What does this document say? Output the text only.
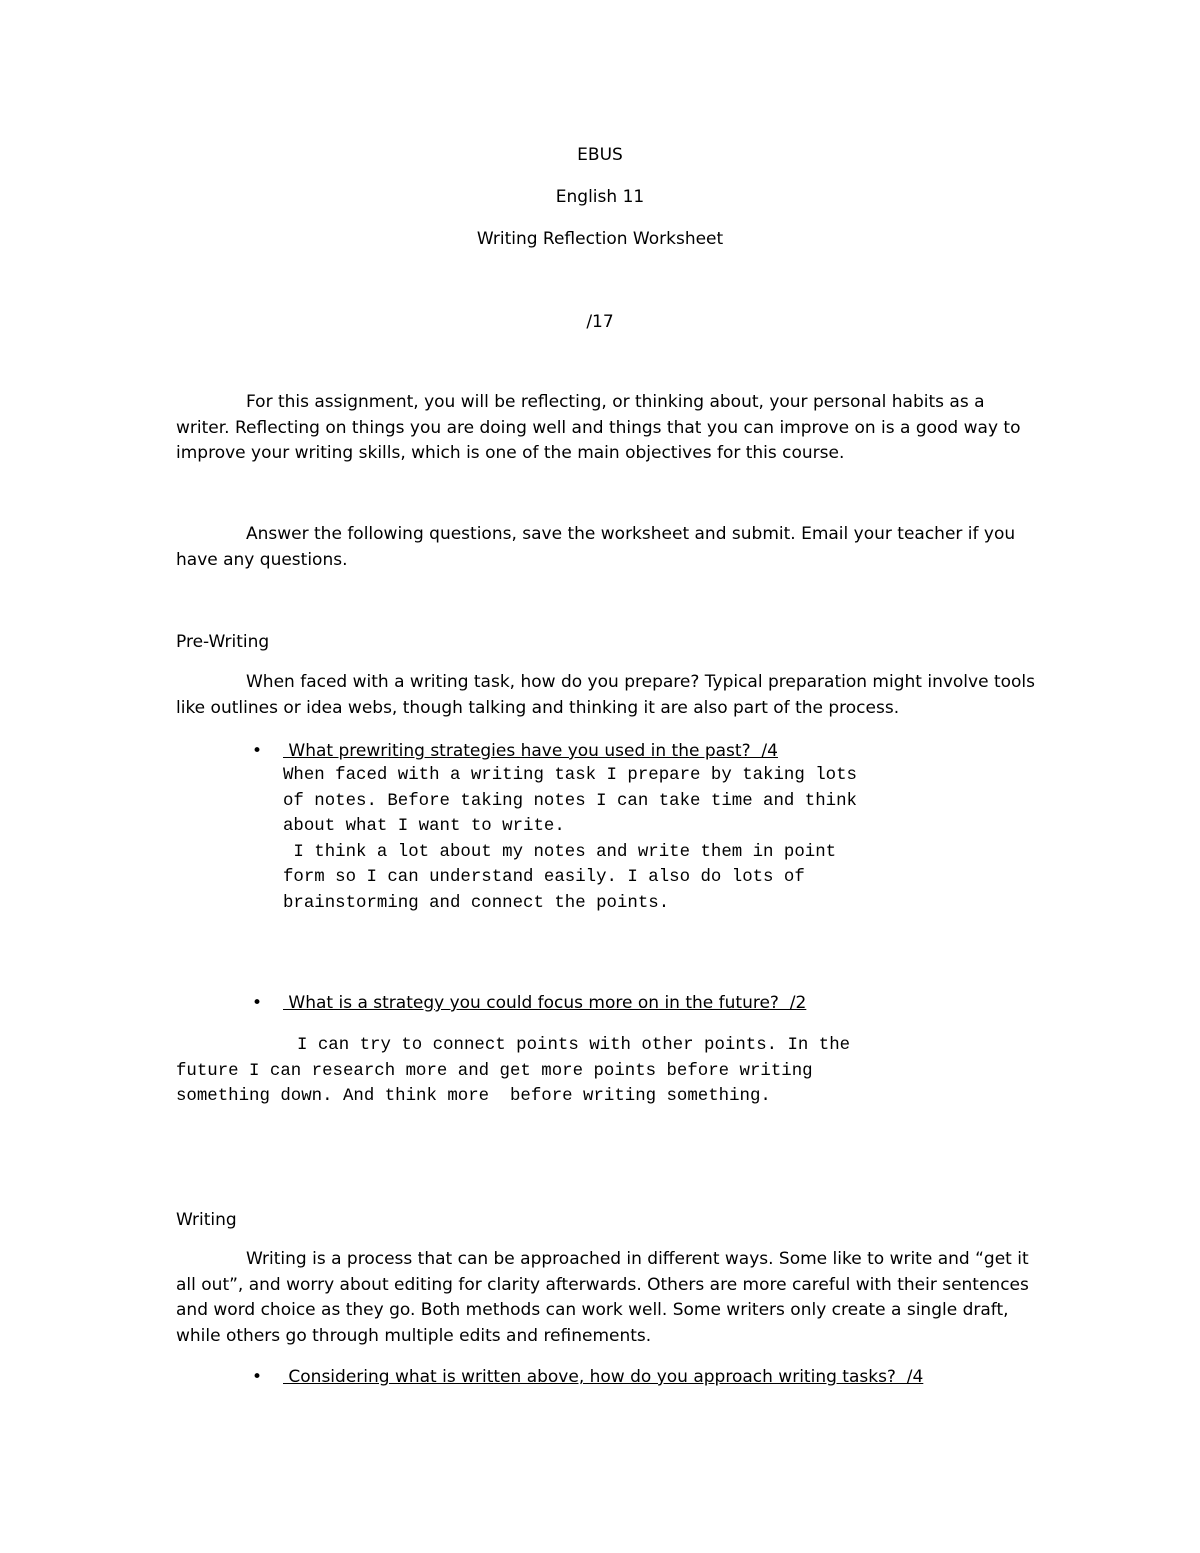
EBUS
English 11
Writing Reflection Worksheet
/17

For this assignment, you will be reflecting, or thinking about, your personal habits as a writer. Reflecting on things you are doing well and things that you can improve on is a good way to improve your writing skills, which is one of the main objectives for this course.

Answer the following questions, save the worksheet and submit. Email your teacher if you have any questions.

Pre-Writing

When faced with a writing task, how do you prepare? Typical preparation might involve tools like outlines or idea webs, though talking and thinking it are also part of the process.

• What prewriting strategies have you used in the past?  /4
When faced with a writing task I prepare by taking lots
of notes. Before taking notes I can take time and think
about what I want to write.
I think a lot about my notes and write them in point
form so I can understand easily. I also do lots of
brainstorming and connect the points.
• What is a strategy you could focus more on in the future?  /2
I can try to connect points with other points. In the
future I can research more and get more points before writing
something down. And think more  before writing something.
Writing

Writing is a process that can be approached in different ways. Some like to write and “get it all out”, and worry about editing for clarity afterwards. Others are more careful with their sentences and word choice as they go. Both methods can work well. Some writers only create a single draft, while others go through multiple edits and refinements.

• Considering what is written above, how do you approach writing tasks?  /4
